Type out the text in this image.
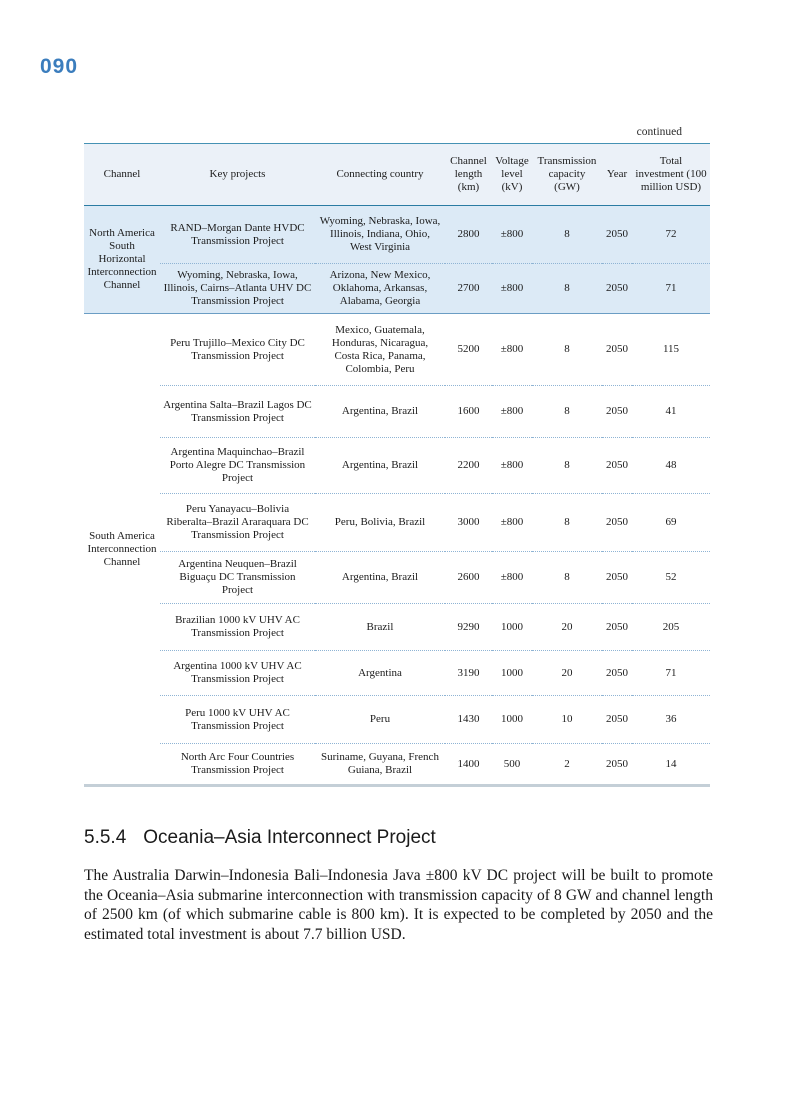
090
continued
Channel	Key projects	Connecting country	Channel length (km)	Voltage level (kV)	Transmission capacity (GW)	Year	Total investment (100 million USD)
North America South Horizontal Interconnection Channel	RAND–Morgan Dante HVDC Transmission Project	Wyoming, Nebraska, Iowa, Illinois, Indiana, Ohio, West Virginia	2800	±800	8	2050	72
	Wyoming, Nebraska, Iowa, Illinois, Cairns–Atlanta UHV DC Transmission Project	Arizona, New Mexico, Oklahoma, Arkansas, Alabama, Georgia	2700	±800	8	2050	71
South America Interconnection Channel	Peru Trujillo–Mexico City DC Transmission Project	Mexico, Guatemala, Honduras, Nicaragua, Costa Rica, Panama, Colombia, Peru	5200	±800	8	2050	115
	Argentina Salta–Brazil Lagos DC Transmission Project	Argentina, Brazil	1600	±800	8	2050	41
	Argentina Maquinchao–Brazil Porto Alegre DC Transmission Project	Argentina, Brazil	2200	±800	8	2050	48
	Peru Yanayacu–Bolivia Riberalta–Brazil Araraquara DC Transmission Project	Peru, Bolivia, Brazil	3000	±800	8	2050	69
	Argentina Neuquen–Brazil Biguaçu DC Transmission Project	Argentina, Brazil	2600	±800	8	2050	52
	Brazilian 1000 kV UHV AC Transmission Project	Brazil	9290	1000	20	2050	205
	Argentina 1000 kV UHV AC Transmission Project	Argentina	3190	1000	20	2050	71
	Peru 1000 kV UHV AC Transmission Project	Peru	1430	1000	10	2050	36
	North Arc Four Countries Transmission Project	Suriname, Guyana, French Guiana, Brazil	1400	500	2	2050	14
5.5.4 Oceania–Asia Interconnect Project

The Australia Darwin–Indonesia Bali–Indonesia Java ±800 kV DC project will be built to promote the Oceania–Asia submarine interconnection with transmission capacity of 8 GW and channel length of 2500 km (of which submarine cable is 800 km). It is expected to be completed by 2050 and the estimated total investment is about 7.7 billion USD.
